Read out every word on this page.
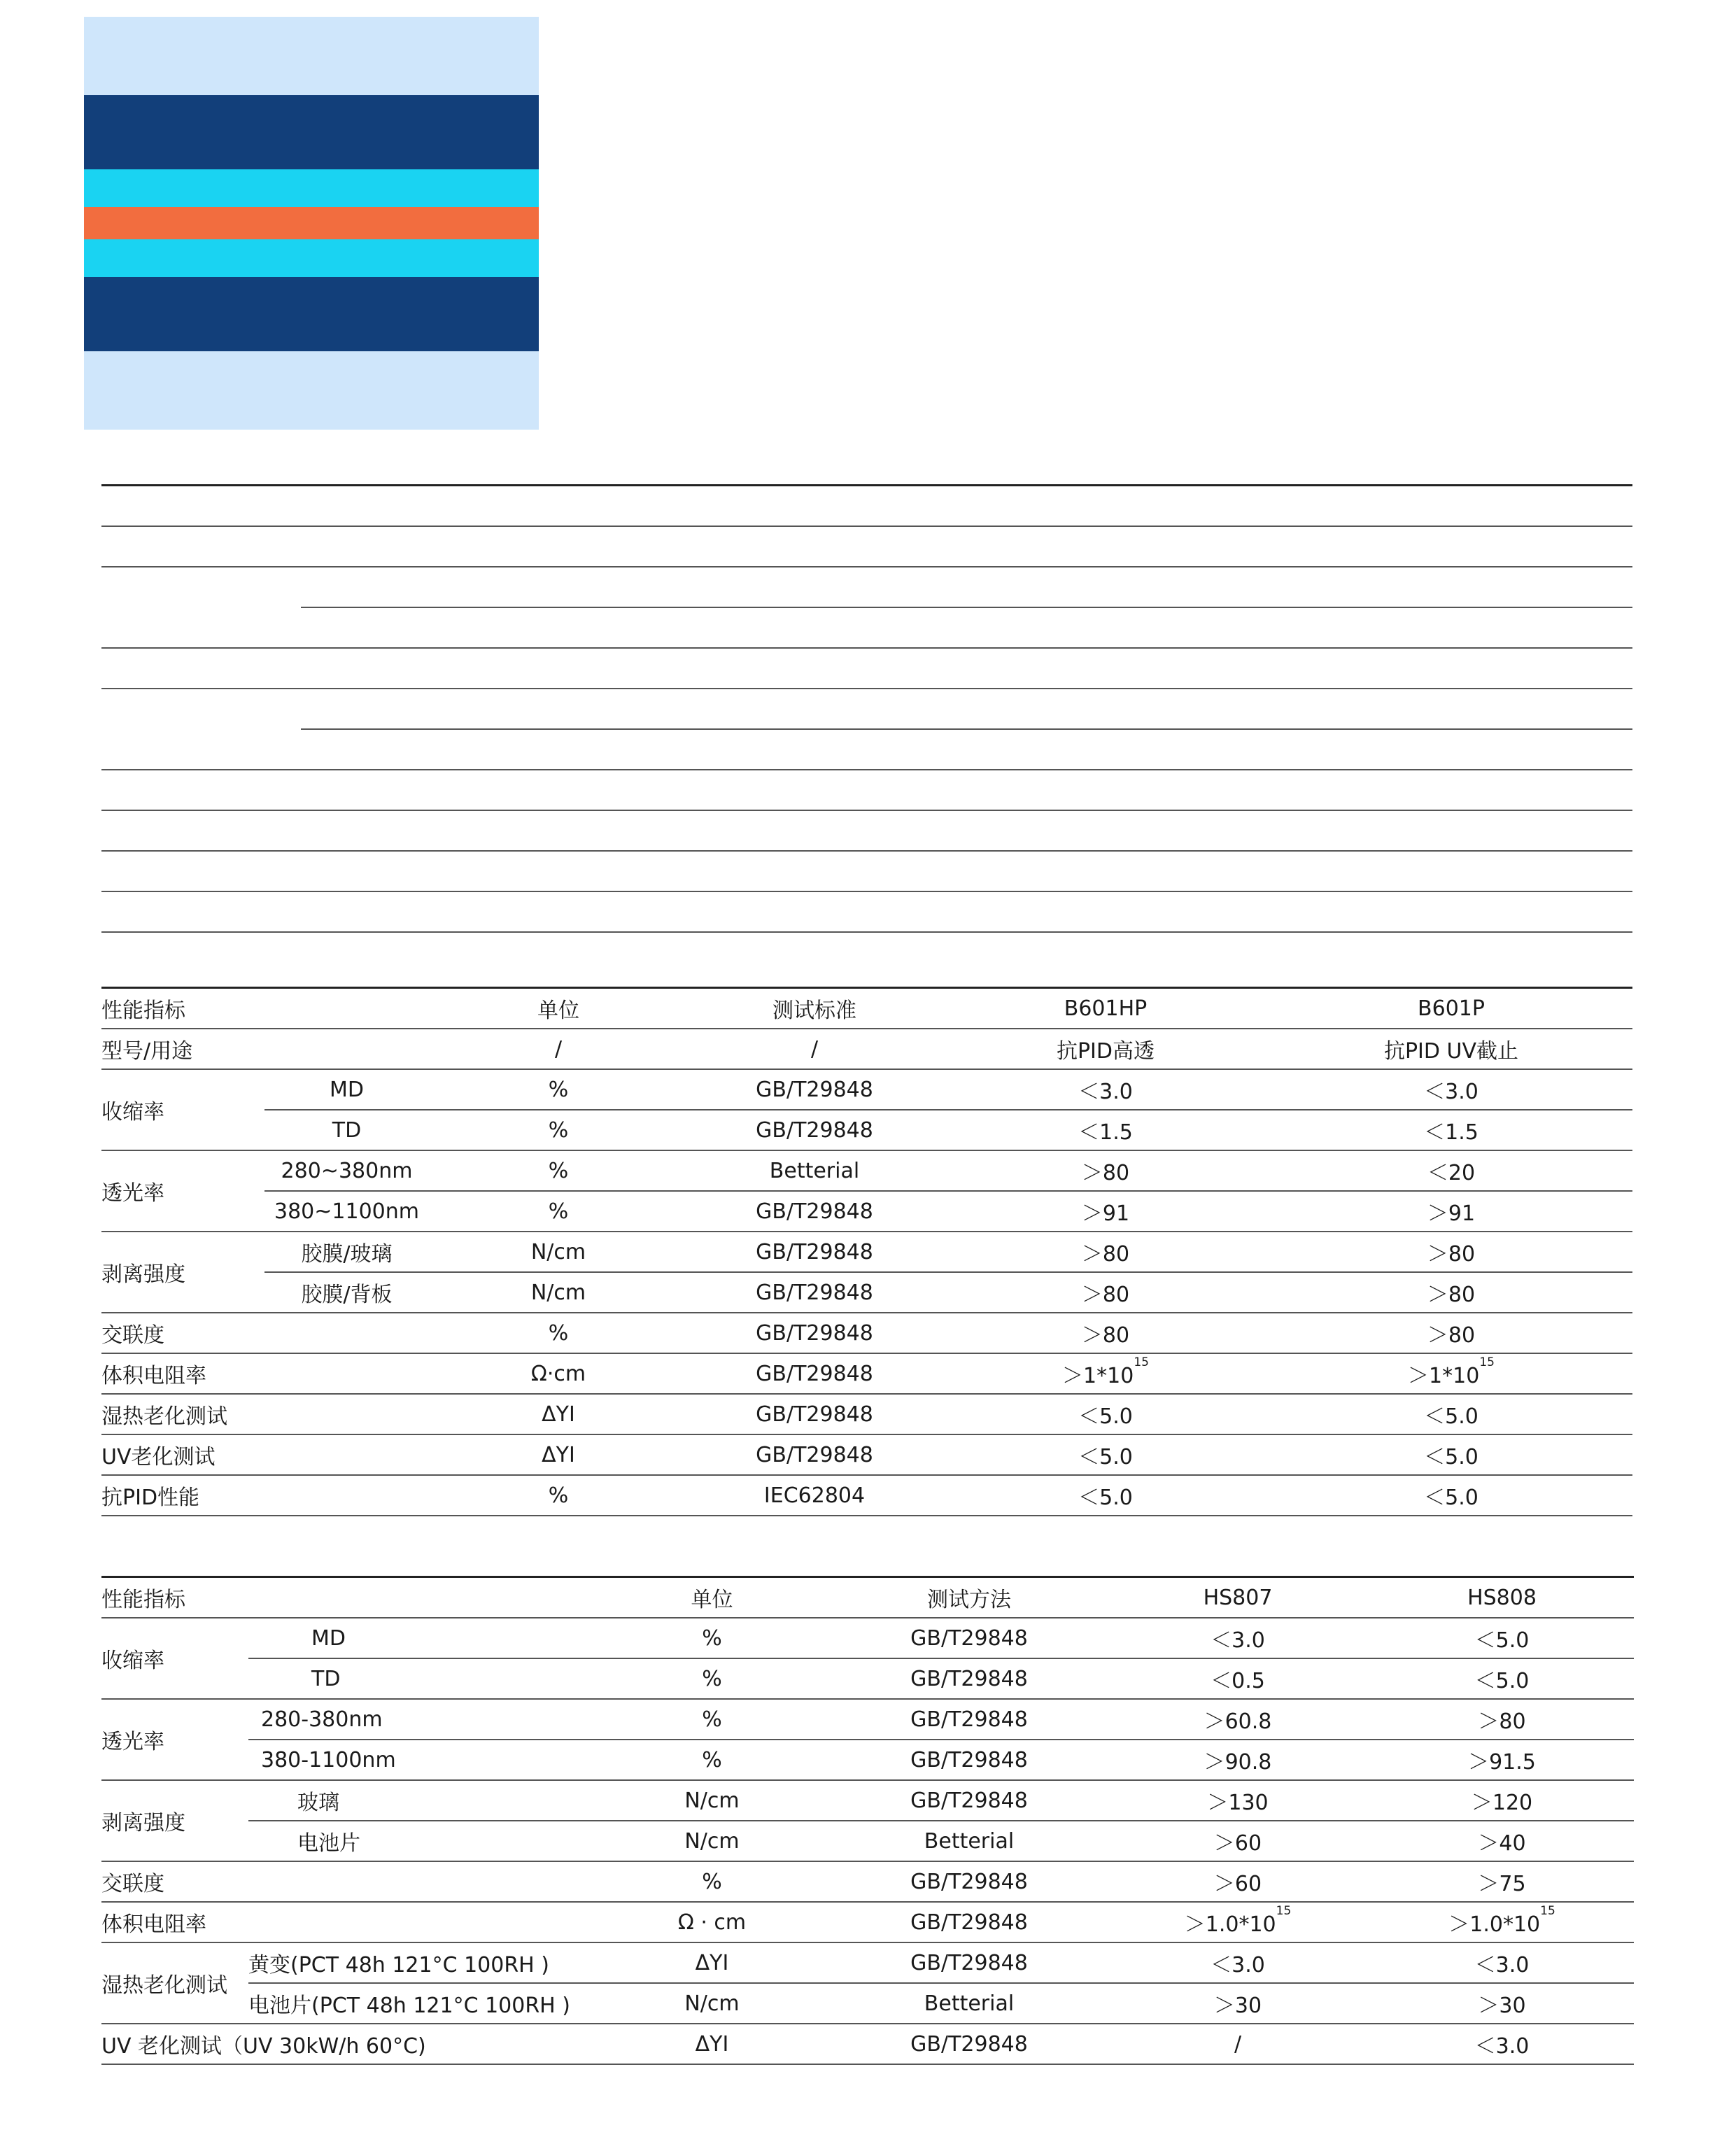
性能指标		单位	测试标准	B601HP	B601P
型号/用途		/	/	抗PID高透	抗PID UV截止
收缩率	MD	%	GB/T29848	＜3.0	＜3.0
	TD	%	GB/T29848	＜1.5	＜1.5
透光率	280~380nm	%	Betterial	＞80	＜20
	380~1100nm	%	GB/T29848	＞91	＞91
剥离强度	胶膜/玻璃	N/cm	GB/T29848	＞80	＞80
	胶膜/背板	N/cm	GB/T29848	＞80	＞80
交联度		%	GB/T29848	＞80	＞80
体积电阻率		Ω·cm	GB/T29848	$>1*10^{15}$	$>1*10^{15}$
湿热老化测试		ΔYI	GB/T29848	＜5.0	＜5.0
UV老化测试		ΔYI	GB/T29848	＜5.0	＜5.0
抗PID性能		%	IEC62804	＜5.0	＜5.0
性能指标		单位	测试方法	HS807	HS808
收缩率	MD	%	GB/T29848	＜3.0	＜5.0
	TD	%	GB/T29848	＜0.5	＜5.0
透光率	280-380nm	%	GB/T29848	＞60.8	＞80
	380-1100nm	%	GB/T29848	＞90.8	＞91.5
剥离强度	玻璃	N/cm	GB/T29848	＞130	＞120
	电池片	N/cm	Betterial	＞60	＞40
交联度		%	GB/T29848	＞60	＞75
体积电阻率		Ω · cm	GB/T29848	$>1.0*10^{15}$	$>1.0*10^{15}$
湿热老化测试	黄变(PCT 48h 121°C 100RH )	ΔYI	GB/T29848	＜3.0	＜3.0
	电池片(PCT 48h 121°C 100RH )	N/cm	Betterial	＞30	＞30
UV 老化测试（UV 30kW/h 60°C)		ΔYI	GB/T29848	/	＜3.0
